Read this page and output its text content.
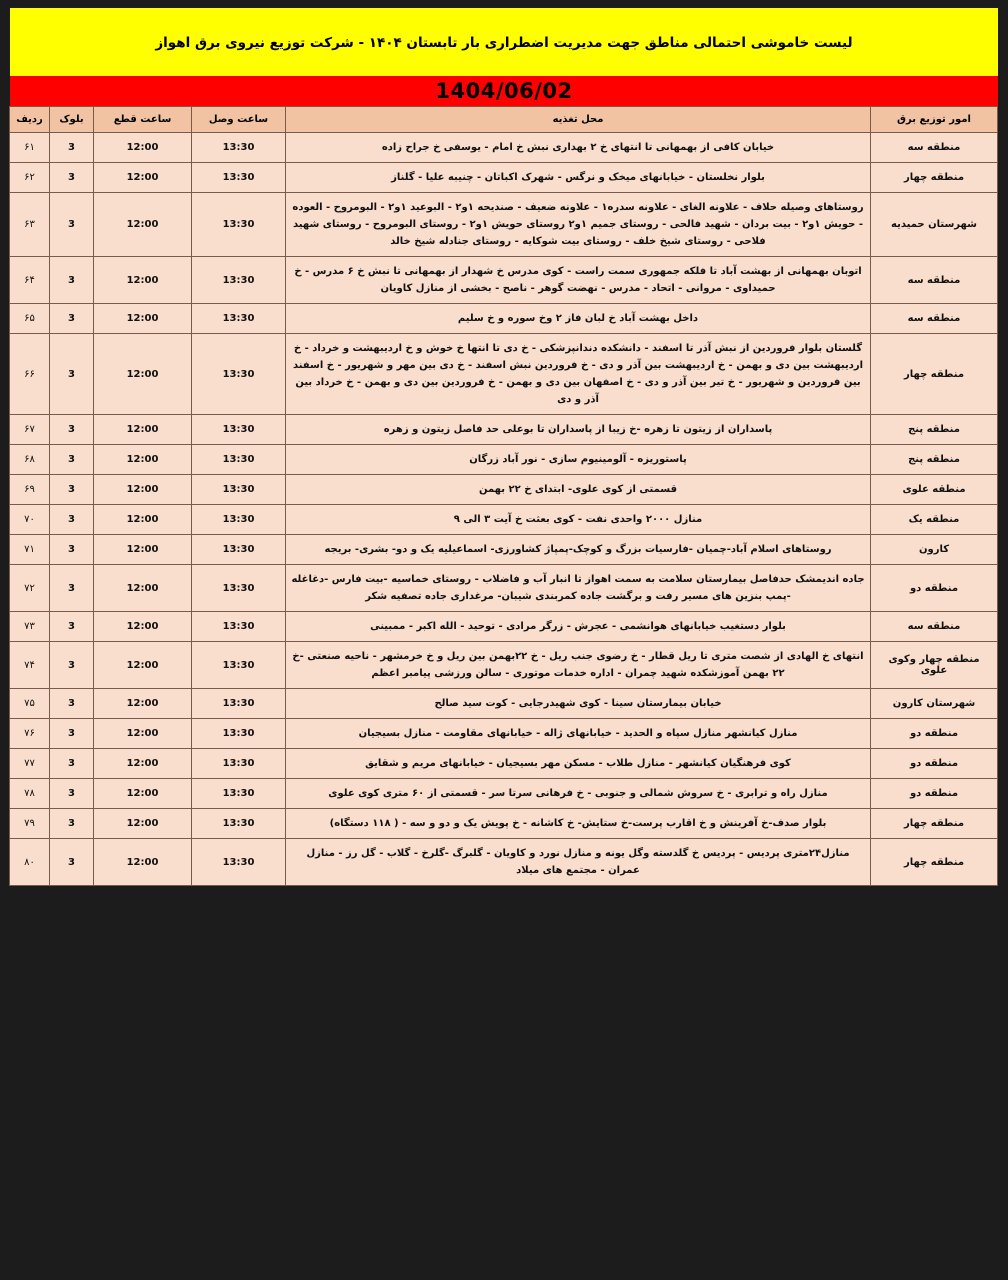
لیست خاموشی احتمالی مناطق جهت مدیریت اضطراری بار تابستان ۱۴۰۴ - شرکت توزیع نیروی برق اهواز
1404/06/02
امور توزیع برق	محل تغذیه	ساعت وصل	ساعت قطع	بلوک	ردیف
منطقه سه	خیابان کافی از بهمهانی تا انتهای خ ۲ بهداری نبش خ امام - یوسفی خ جراح زاده	13:30	12:00	3	۶۱
منطقه چهار	بلوار نخلستان - خیابانهای میخک و نرگس - شهرک اکباتان - چنیبه علیا - گلناز	13:30	12:00	3	۶۲
شهرستان حمیدیه	روستاهای وصیله حلاف - علاونه الغای - علاونه سدره۱ - علاونه ضعیف - صندیحه ۱و۲ - البوعید ۱و۲ - البومروح - العوده - حویش ۱و۲ - بیت بردان - شهید فالحی - روستای جمیم ۱و۲ روستای حویش ۱و۲ - روستای البومروح - روستای شهید فلاحی - روستای شیخ خلف - روستای بیت شوکایه - روستای جنادله شیخ خالد	13:30	12:00	3	۶۳
منطقه سه	اتوبان بهمهانی از بهشت آباد تا فلکه جمهوری سمت راست - کوی مدرس خ شهدار از بهمهانی تا نبش خ ۶ مدرس - خ حمیداوی - مروانی - اتحاد - مدرس - نهضت گوهر - ناصح - بخشی از منازل کاویان	13:30	12:00	3	۶۴
منطقه سه	داخل بهشت آباد خ لبان فاز ۲ وخ سوره و خ سلیم	13:30	12:00	3	۶۵
منطقه چهار	گلستان بلوار فروردین از نبش آذر تا اسفند - دانشکده دندانپزشکی - خ دی تا انتها خ خوش و خ اردیبهشت و خرداد - خ اردیبهشت بین دی و بهمن - خ اردیبهشت بین آذر و دی - خ فروردین نبش اسفند - خ دی بین مهر و شهریور - خ اسفند بین فروردین و شهریور - خ تیر بین آذر و دی - خ اصفهان بین دی و بهمن - خ فروردین بین دی و بهمن - خ خرداد بین آذر و دی	13:30	12:00	3	۶۶
منطقه پنج	پاسداران از زیتون تا زهره -خ زیبا از پاسداران تا بوعلی حد فاصل زیتون و زهره	13:30	12:00	3	۶۷
منطقه پنج	پاستوریزه - آلومینیوم سازی - نور آباد زرگان	13:30	12:00	3	۶۸
منطقه علوی	قسمتی از کوی علوی- ابتدای خ ۲۲ بهمن	13:30	12:00	3	۶۹
منطقه یک	منازل ۲۰۰۰ واحدی نفت - کوی بعثت خ آیت ۳ الی ۹	13:30	12:00	3	۷۰
کارون	روستاهای اسلام آباد-چمیان -فارسیات بزرگ و کوچک-پمپاژ کشاورزی- اسماعیلیه یک و دو- بشری- بریجه	13:30	12:00	3	۷۱
منطقه دو	جاده اندیمشک حدفاصل بیمارستان سلامت به سمت اهواز تا انبار آب و فاضلاب - روستای خماسیه -بیت فارس -دغاغله -پمپ بنزین های مسیر رفت و برگشت جاده کمربندی شیبان- مرغداری جاده تصفیه شکر	13:30	12:00	3	۷۲
منطقه سه	بلوار دستغیب خیابانهای هوانشمی - عجرش - زرگر مرادی - توحید - الله اکبر - ممبینی	13:30	12:00	3	۷۳
منطقه چهار وکوی علوی	انتهای خ الهادی از شصت متری تا ریل قطار - خ رضوی جنب ریل - خ ۲۲بهمن بین ریل و خ خرمشهر - ناحیه صنعتی -خ ۲۲ بهمن آموزشکده شهید چمران - اداره خدمات موتوری - سالن ورزشی پیامبر اعظم	13:30	12:00	3	۷۴
شهرستان کارون	خیابان بیمارستان سینا - کوی شهیدرجایی - کوت سید صالح	13:30	12:00	3	۷۵
منطقه دو	منازل کیانشهر منازل سپاه و الحدید - خیابانهای ژاله - خیابانهای مقاومت - منازل بسیجیان	13:30	12:00	3	۷۶
منطقه دو	کوی فرهنگیان کیانشهر - منازل طلاب - مسکن مهر بسیجیان - خیابانهای مریم و شقایق	13:30	12:00	3	۷۷
منطقه دو	منازل راه و ترابری - خ سروش شمالی و جنوبی - خ فرهانی سرتا سر - قسمتی از ۶۰ متری کوی علوی	13:30	12:00	3	۷۸
منطقه چهار	بلوار صدف-خ آفرینش و خ اقارب پرست-خ ستایش- خ کاشانه - خ پویش یک و دو و سه - ( ۱۱۸ دستگاه)	13:30	12:00	3	۷۹
منطقه چهار	منازل۲۴متری پردیس - پردیس خ گلدسته وگل یونه و منازل نورد و کاویان - گلبرگ -گلرخ - گلاب - گل رز - منازل عمران - مجتمع های میلاد	13:30	12:00	3	۸۰
